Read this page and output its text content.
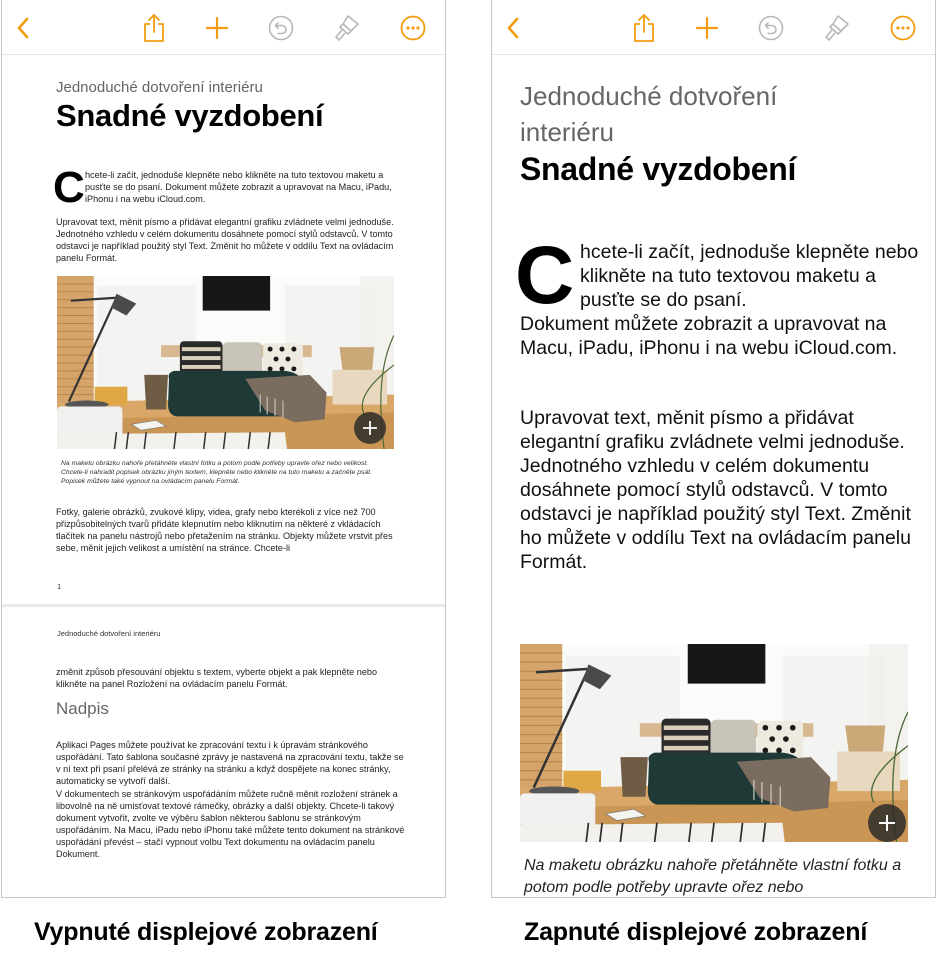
Jednoduché dotvoření interiéru
Snadné vyzdobení
C hcete-li začít, jednoduše klepněte nebo klikněte na tuto textovou maketu a pusťte se do psaní. Dokument můžete zobrazit a upravovat na Macu, iPadu, iPhonu i na webu iCloud.com.
Upravovat text, měnit písmo a přidávat elegantní grafiku zvládnete velmi jednoduše. Jednotného vzhledu v celém dokumentu dosáhnete pomocí stylů odstavců. V tomto odstavci je například použitý styl Text. Změnit ho můžete v oddílu Text na ovládacím panelu Formát.
Na maketu obrázku nahoře přetáhněte vlastní fotku a potom podle potřeby upravte ořez nebo velikost.
Chcete-li nahradit popisek obrázku jiným textem, klepněte nebo klikněte na tuto maketu a začněte psát. Popisek můžete také vypnout na ovládacím panelu Formát.
Fotky, galerie obrázků, zvukové klipy, videa, grafy nebo kterékoli z více než 700 přizpůsobitelných tvarů přidáte klepnutím nebo kliknutím na některé z vkládacích tlačítek na panelu nástrojů nebo přetažením na stránku. Objekty můžete vrstvit přes sebe, měnit jejich velikost a umístění na stránce. Chcete-li
1
Jednoduché dotvoření interiéru
změnit způsob přesouvání objektu s textem, vyberte objekt a pak klepněte nebo klikněte na panel Rozložení na ovládacím panelu Formát.
Nadpis
Aplikaci Pages můžete používat ke zpracování textu i k úpravám stránkového uspořádání. Tato šablona současné zprávy je nastavená na zpracování textu, takže se v ní text při psaní přelévá ze stránky na stránku a když dospějete na konec stránky, automaticky se vytvoří další.
V dokumentech se stránkovým uspořádáním můžete ručně měnit rozložení stránek a libovolně na ně umisťovat textové rámečky, obrázky a další objekty. Chcete-li takový dokument vytvořit, zvolte ve výběru šablon některou šablonu se stránkovým uspořádáním. Na Macu, iPadu nebo iPhonu také můžete tento dokument na stránkové uspořádání převést – stačí vypnout volbu Text dokumentu na ovládacím panelu Dokument.
Jednoduché dotvoření interiéru
Snadné vyzdobení
C hcete-li začít, jednoduše klepněte nebo klikněte na tuto textovou maketu a pusťte se do psaní.
Dokument můžete zobrazit a upravovat na Macu, iPadu, iPhonu i na webu iCloud.com.
Upravovat text, měnit písmo a přidávat elegantní grafiku zvládnete velmi jednoduše. Jednotného vzhledu v celém dokumentu dosáhnete pomocí stylů odstavců. V tomto odstavci je například použitý styl Text. Změnit ho můžete v oddílu Text na ovládacím panelu Formát.
Na maketu obrázku nahoře přetáhněte vlastní fotku a potom podle potřeby upravte ořez nebo
Vypnuté displejové zobrazení	Zapnuté displejové zobrazení
